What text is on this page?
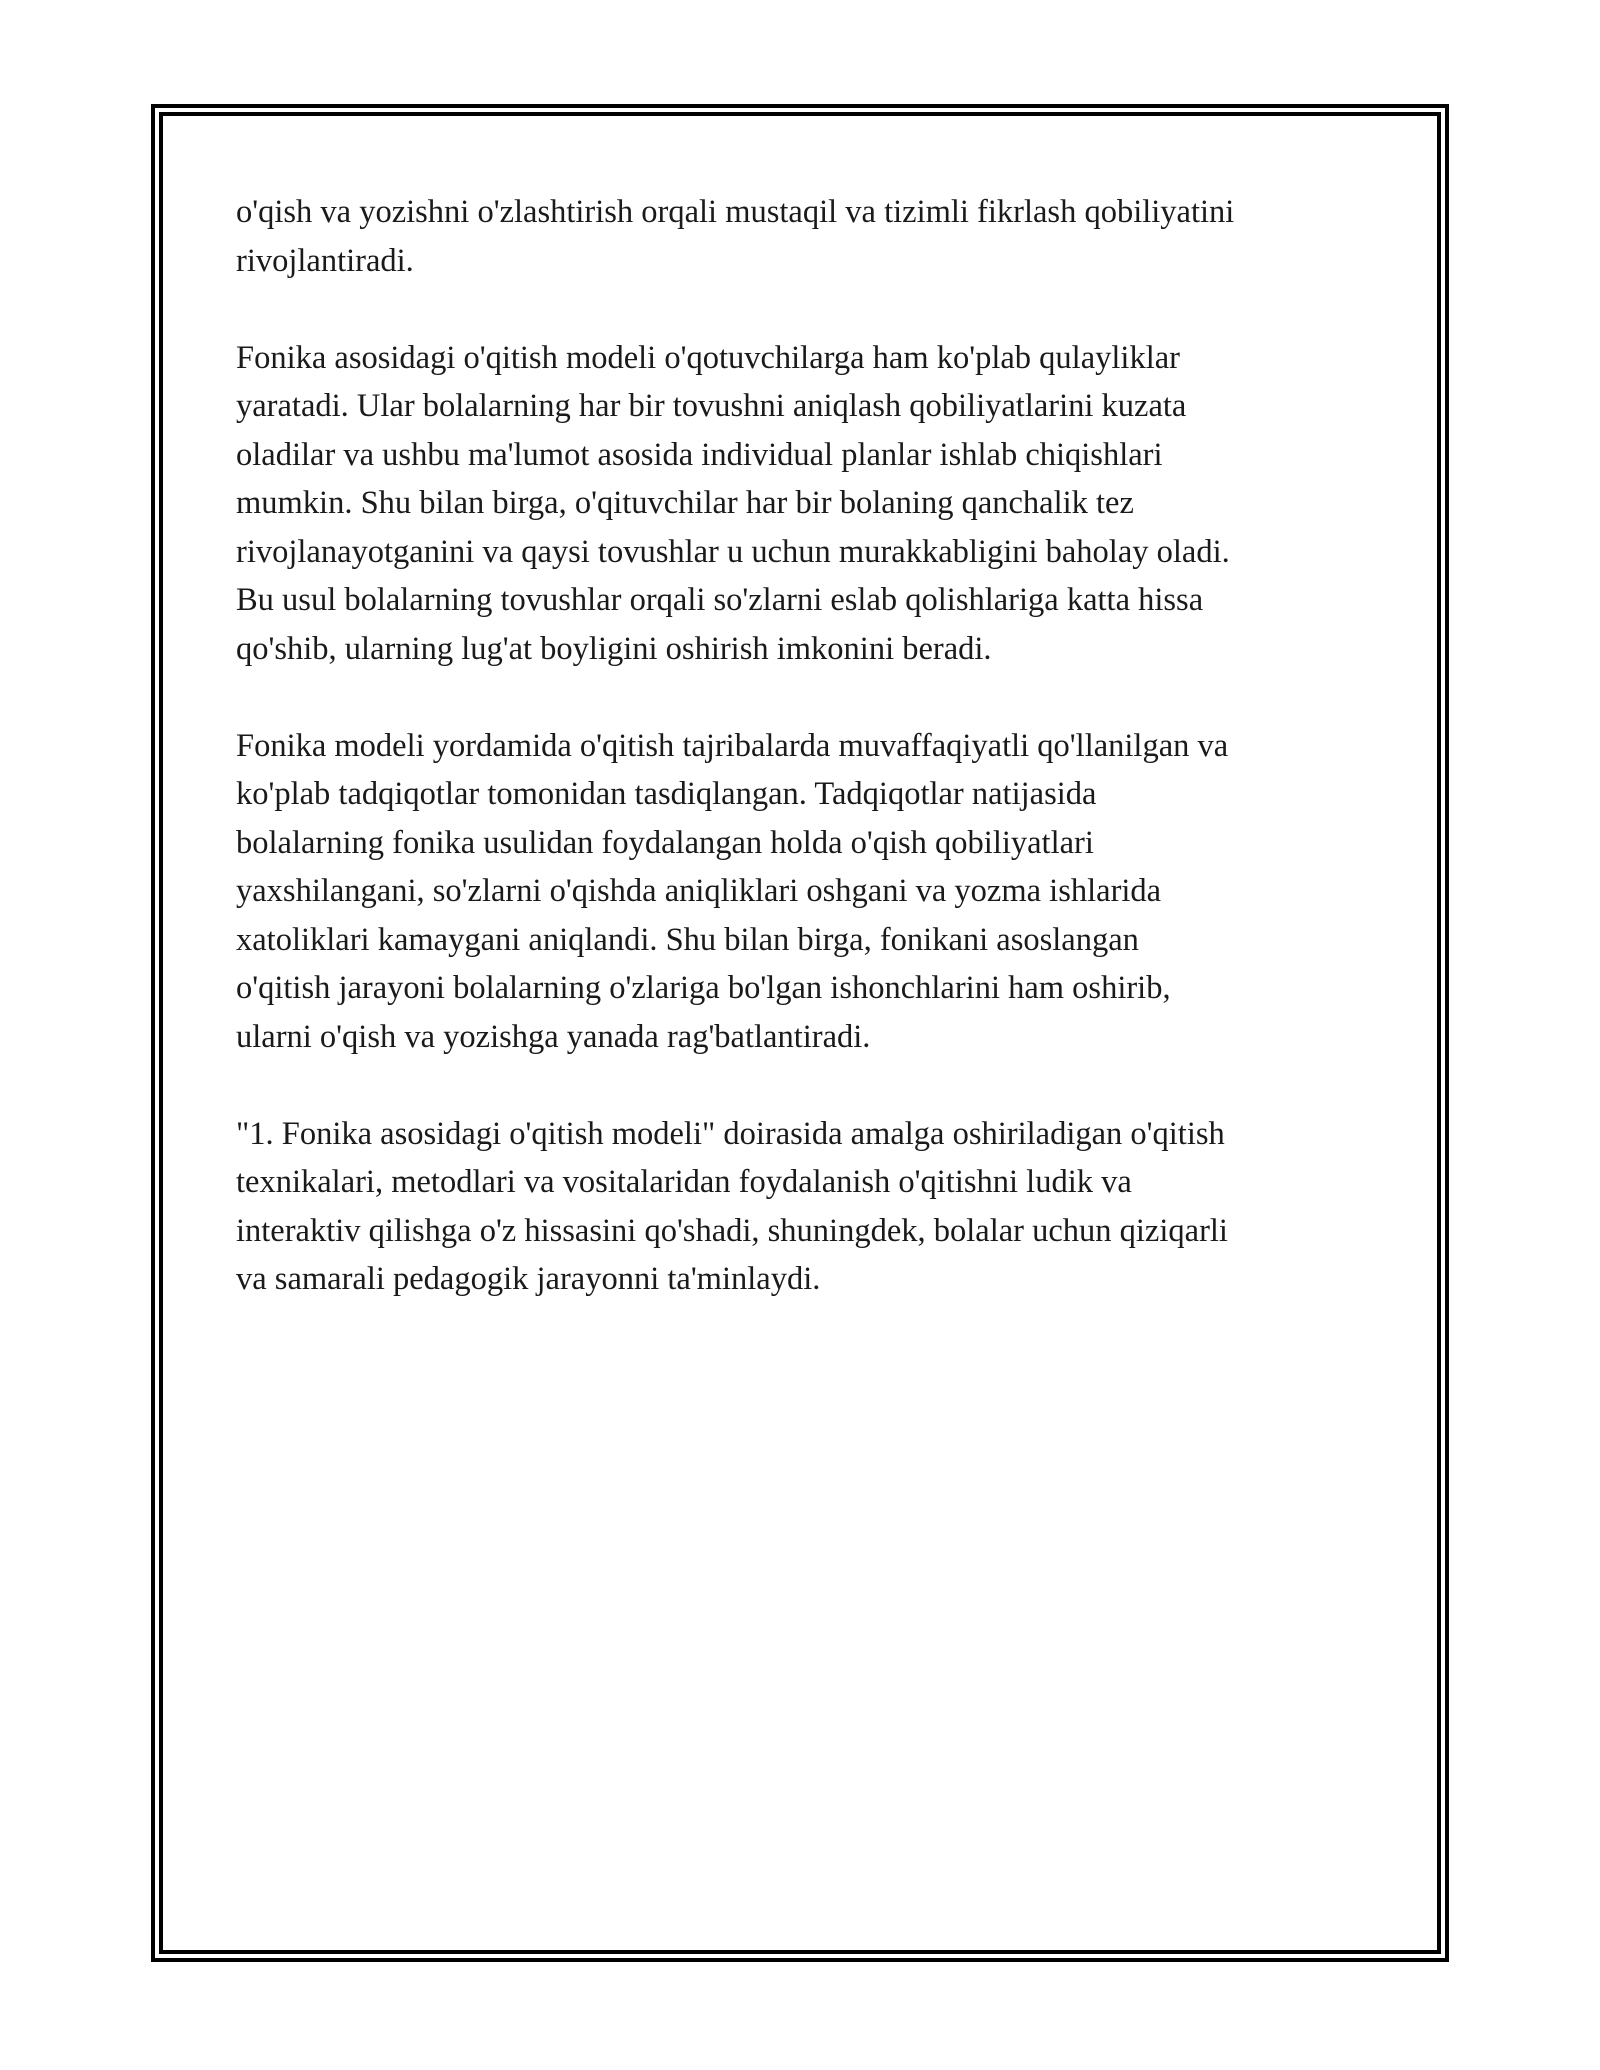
o'qish va yozishni o'zlashtirish orqali mustaqil va tizimli fikrlash qobiliyatini
rivojlantiradi.

Fonika asosidagi o'qitish modeli o'qotuvchilarga ham ko'plab qulayliklar
yaratadi. Ular bolalarning har bir tovushni aniqlash qobiliyatlarini kuzata
oladilar va ushbu ma'lumot asosida individual planlar ishlab chiqishlari
mumkin. Shu bilan birga, o'qituvchilar har bir bolaning qanchalik tez
rivojlanayotganini va qaysi tovushlar u uchun murakkabligini baholay oladi.
Bu usul bolalarning tovushlar orqali so'zlarni eslab qolishlariga katta hissa
qo'shib, ularning lug'at boyligini oshirish imkonini beradi.

Fonika modeli yordamida o'qitish tajribalarda muvaffaqiyatli qo'llanilgan va
ko'plab tadqiqotlar tomonidan tasdiqlangan. Tadqiqotlar natijasida
bolalarning fonika usulidan foydalangan holda o'qish qobiliyatlari
yaxshilangani, so'zlarni o'qishda aniqliklari oshgani va yozma ishlarida
xatoliklari kamaygani aniqlandi. Shu bilan birga, fonikani asoslangan
o'qitish jarayoni bolalarning o'zlariga bo'lgan ishonchlarini ham oshirib,
ularni o'qish va yozishga yanada rag'batlantiradi.

"1. Fonika asosidagi o'qitish modeli" doirasida amalga oshiriladigan o'qitish
texnikalari, metodlari va vositalaridan foydalanish o'qitishni ludik va
interaktiv qilishga o'z hissasini qo'shadi, shuningdek, bolalar uchun qiziqarli
va samarali pedagogik jarayonni ta'minlaydi.
